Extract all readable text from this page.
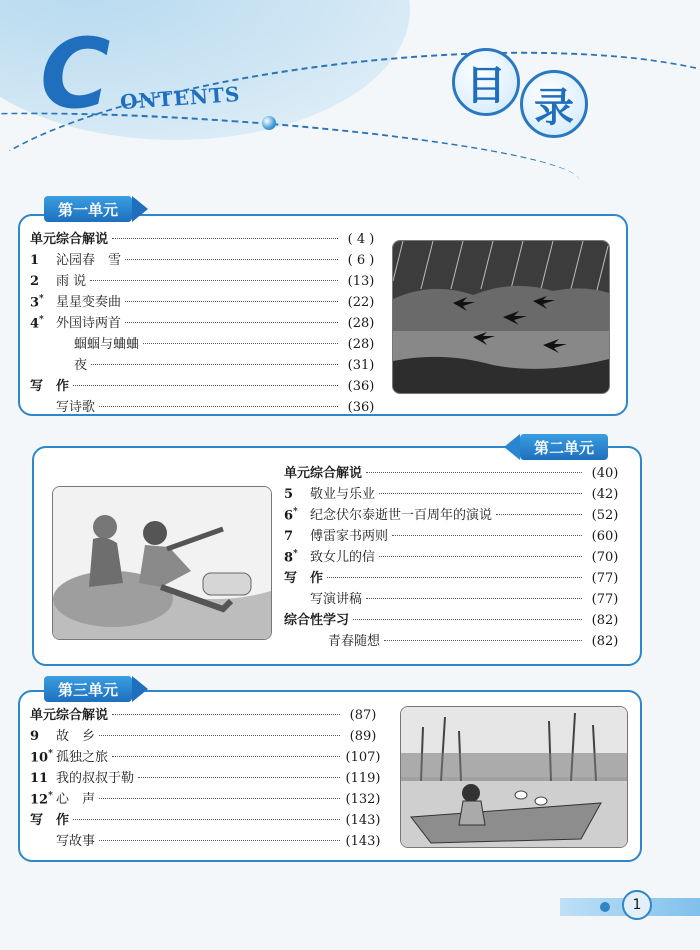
C ONTENTS	目 录
第一单元
单元综合解说	( 4 )
1	沁园春　雪	( 6 )
2	雨 说	(13)
3* 星星变奏曲	(22)
4* 外国诗两首	(28)
蝈蝈与蛐蛐	(28)
夜	(31)
写　作	(36)
写诗歌	(36)
第二单元
单元综合解说	(40)
5	敬业与乐业	(42)
6* 纪念伏尔泰逝世一百周年的演说	(52)
7	傅雷家书两则	(60)
8* 致女儿的信	(70)
写　作	(77)
写演讲稿	(77)
综合性学习	(82)
青春随想	(82)
第三单元
单元综合解说	(87)
9	故　乡	(89)
10* 孤独之旅	(107)
11 我的叔叔于勒	(119)
12* 心　声	(132)
写　作	(143)
写故事	(143)
1
